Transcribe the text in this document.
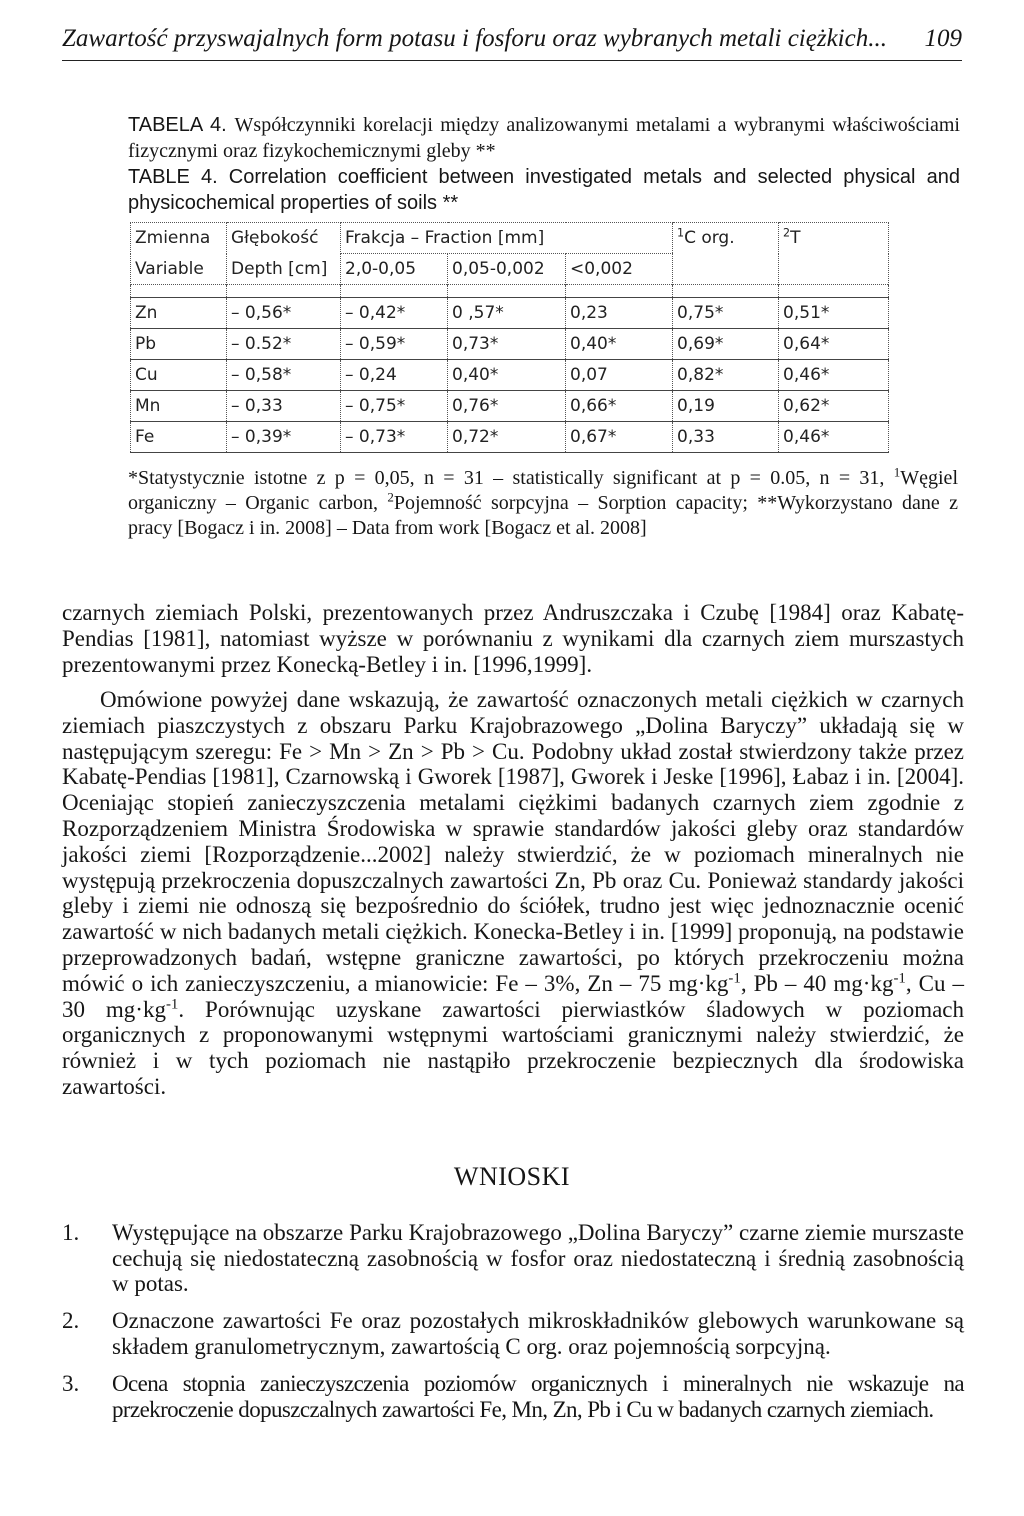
Zawartość przyswajalnych form potasu i fosforu oraz wybranych metali ciężkich... 109
TABELA 4. Współczynniki korelacji między analizowanymi metalami a wybranymi właściwościami fizycznymi oraz fizykochemicznymi gleby **
TABLE 4. Correlation coefficient between investigated metals and selected physical and physicochemical properties of soils **
Zmienna	Głębokość	Frakcja – Fraction [mm]			$^1$C org.	$^2$T
Variable	Depth [cm]	2,0-0,05	0,05-0,002	<0,002		

Zn	– 0,56*	– 0,42*	0 ,57*	0,23	0,75*	0,51*
Pb	– 0.52*	– 0,59*	0,73*	0,40*	0,69*	0,64*
Cu	– 0,58*	– 0,24	0,40*	0,07	0,82*	0,46*
Mn	– 0,33	– 0,75*	0,76*	0,66*	0,19	0,62*
Fe	– 0,39*	– 0,73*	0,72*	0,67*	0,33	0,46*
*Statystycznie istotne z p = 0,05, n = 31 – statistically significant at p = 0.05, n = 31, $^1$Węgiel organiczny – Organic carbon, $^2$Pojemność sorpcyjna – Sorption capacity; **Wykorzystano dane z pracy [Bogacz i in. 2008] – Data from work [Bogacz et al. 2008]
czarnych ziemiach Polski, prezentowanych przez Andruszczaka i Czubę [1984] oraz Kabatę-Pendias [1981], natomiast wyższe w porównaniu z wynikami dla czarnych ziem murszastych prezentowanymi przez Konecką-Betley i in. [1996,1999].
Omówione powyżej dane wskazują, że zawartość oznaczonych metali ciężkich w czarnych ziemiach piaszczystych z obszaru Parku Krajobrazowego „Dolina Baryczy” układają się w następującym szeregu: Fe > Mn > Zn > Pb > Cu. Podobny układ został stwierdzony także przez Kabatę-Pendias [1981], Czarnowską i Gworek [1987], Gworek i Jeske [1996], Łabaz i in. [2004]. Oceniając stopień zanieczyszczenia metalami ciężkimi badanych czarnych ziem zgodnie z Rozporządzeniem Ministra Środowiska w sprawie standardów jakości gleby oraz standardów jakości ziemi [Rozporządzenie...2002] należy stwierdzić, że w poziomach mineralnych nie występują przekroczenia dopuszczalnych zawartości Zn, Pb oraz Cu. Ponieważ standardy jakości gleby i ziemi nie odnoszą się bezpośrednio do ściółek, trudno jest więc jednoznacznie ocenić zawartość w nich badanych metali ciężkich. Konecka-Betley i in. [1999] proponują, na podstawie przeprowadzonych badań, wstępne graniczne zawartości, po których przekroczeniu można mówić o ich zanieczyszczeniu, a mianowicie: Fe – 3%, Zn – 75 $mg\cdot kg^{-1}$, Pb – 40 $mg\cdot kg^{-1}$, Cu – 30 $mg\cdot kg^{-1}$. Porównując uzyskane zawartości pierwiastków śladowych w poziomach organicznych z proponowanymi wstępnymi wartościami granicznymi należy stwierdzić, że również i w tych poziomach nie nastąpiło przekroczenie bezpiecznych dla środowiska zawartości.
WNIOSKI
1. Występujące na obszarze Parku Krajobrazowego „Dolina Baryczy” czarne ziemie murszaste cechują się niedostateczną zasobnością w fosfor oraz niedostateczną i średnią zasobnością w potas.
2. Oznaczone zawartości Fe oraz pozostałych mikroskładników glebowych warunkowane są składem granulometrycznym, zawartością C org. oraz pojemnością sorpcyjną.
3. Ocena stopnia zanieczyszczenia poziomów organicznych i mineralnych nie wskazuje na przekroczenie dopuszczalnych zawartości Fe, Mn, Zn, Pb i Cu w badanych czarnych ziemiach.
